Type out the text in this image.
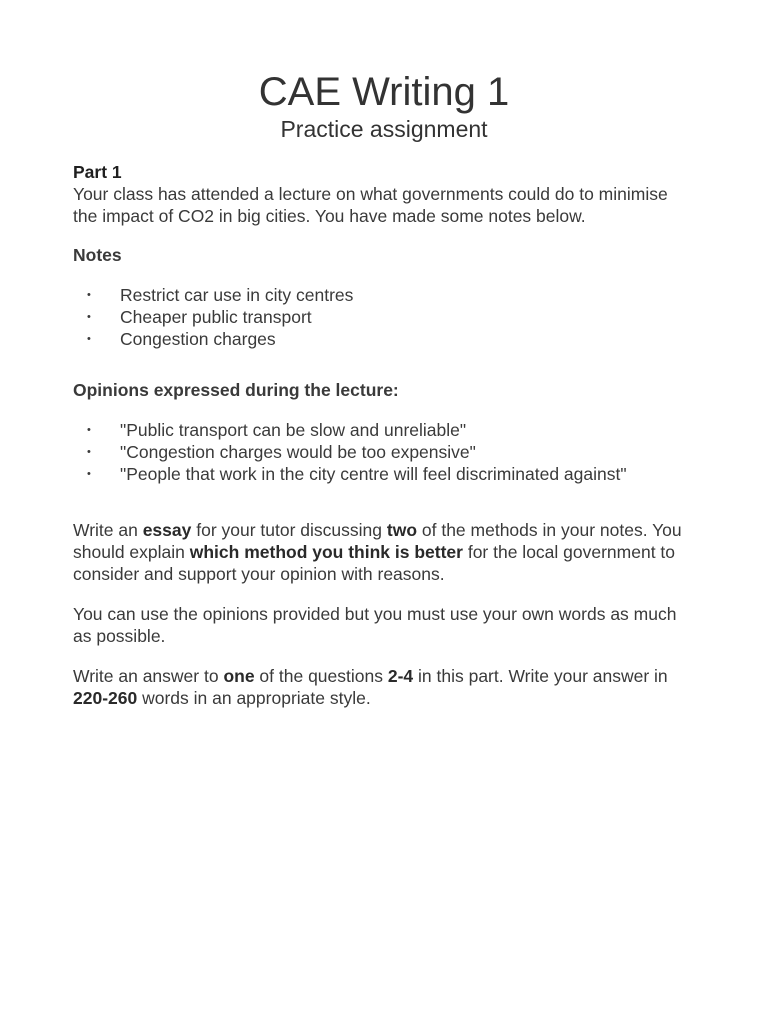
CAE Writing 1
Practice assignment
Part 1

Your class has attended a lecture on what governments could do to minimise the impact of CO2 in big cities. You have made some notes below.

Notes

• Restrict car use in city centres
• Cheaper public transport
• Congestion charges

Opinions expressed during the lecture:

• "Public transport can be slow and unreliable"
• "Congestion charges would be too expensive"
• "People that work in the city centre will feel discriminated against"

Write an essay for your tutor discussing two of the methods in your notes. You should explain which method you think is better for the local government to consider and support your opinion with reasons.

You can use the opinions provided but you must use your own words as much as possible.

Write an answer to one of the questions 2-4 in this part. Write your answer in 220-260 words in an appropriate style.
